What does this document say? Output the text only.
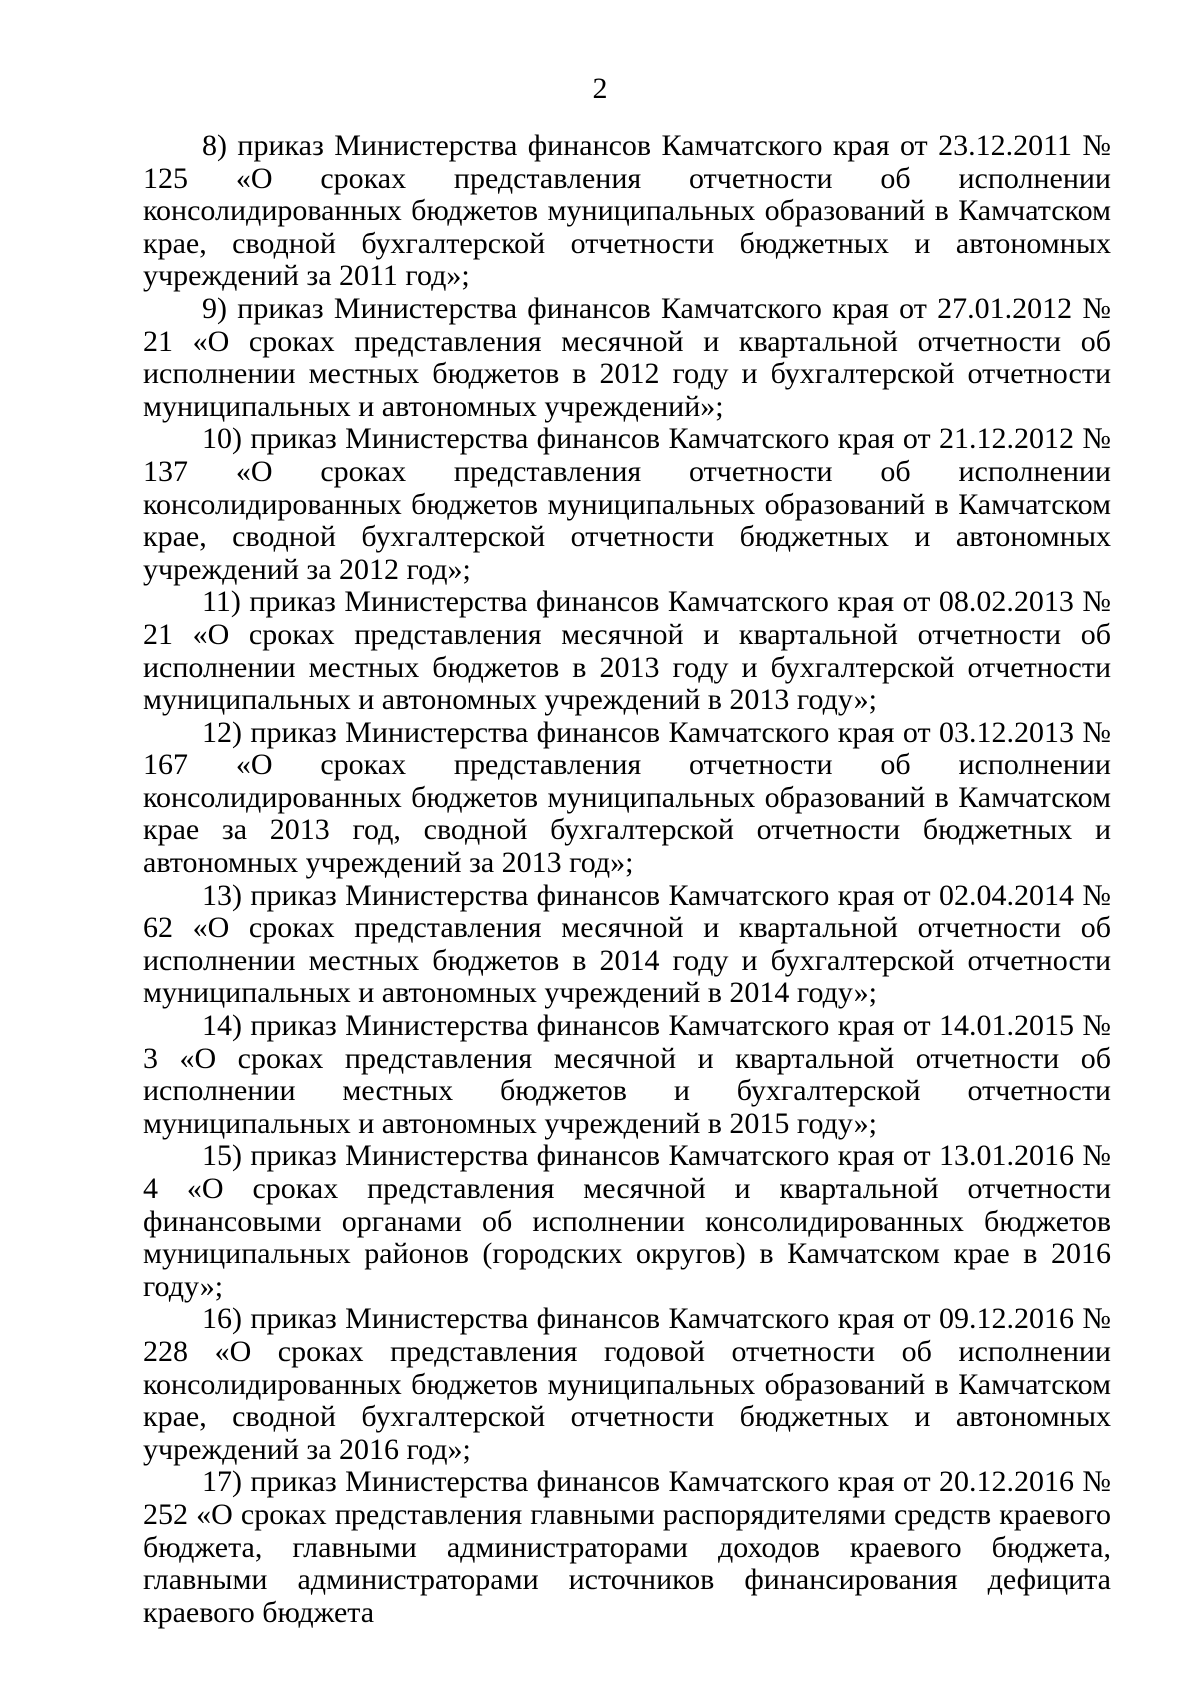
2

8) приказ Министерства финансов Камчатского края от 23.12.2011 № 125 «О сроках представления отчетности об исполнении консолидированных бюджетов муниципальных образований в Камчатском крае, сводной бухгалтерской отчетности бюджетных и автономных учреждений за 2011 год»;

9) приказ Министерства финансов Камчатского края от 27.01.2012 № 21 «О сроках представления месячной и квартальной отчетности об исполнении местных бюджетов в 2012 году и бухгалтерской отчетности муниципальных и автономных учреждений»;

10) приказ Министерства финансов Камчатского края от 21.12.2012 № 137 «О сроках представления отчетности об исполнении консолидированных бюджетов муниципальных образований в Камчатском крае, сводной бухгалтерской отчетности бюджетных и автономных учреждений за 2012 год»;

11) приказ Министерства финансов Камчатского края от 08.02.2013 № 21 «О сроках представления месячной и квартальной отчетности об исполнении местных бюджетов в 2013 году и бухгалтерской отчетности муниципальных и автономных учреждений в 2013 году»;

12) приказ Министерства финансов Камчатского края от 03.12.2013 № 167 «О сроках представления отчетности об исполнении консолидированных бюджетов муниципальных образований в Камчатском крае за 2013 год, сводной бухгалтерской отчетности бюджетных и автономных учреждений за 2013 год»;

13) приказ Министерства финансов Камчатского края от 02.04.2014 № 62 «О сроках представления месячной и квартальной отчетности об исполнении местных бюджетов в 2014 году и бухгалтерской отчетности муниципальных и автономных учреждений в 2014 году»;

14) приказ Министерства финансов Камчатского края от 14.01.2015 № 3 «О сроках представления месячной и квартальной отчетности об исполнении местных бюджетов и бухгалтерской отчетности муниципальных и автономных учреждений в 2015 году»;

15) приказ Министерства финансов Камчатского края от 13.01.2016 № 4 «О сроках представления месячной и квартальной отчетности финансовыми органами об исполнении консолидированных бюджетов муниципальных районов (городских округов) в Камчатском крае в 2016 году»;

16) приказ Министерства финансов Камчатского края от 09.12.2016 № 228 «О сроках представления годовой отчетности об исполнении консолидированных бюджетов муниципальных образований в Камчатском крае, сводной бухгалтерской отчетности бюджетных и автономных учреждений за 2016 год»;

17) приказ Министерства финансов Камчатского края от 20.12.2016 № 252 «О сроках представления главными распорядителями средств краевого бюджета, главными администраторами доходов краевого бюджета, главными администраторами источников финансирования дефицита краевого бюджета
